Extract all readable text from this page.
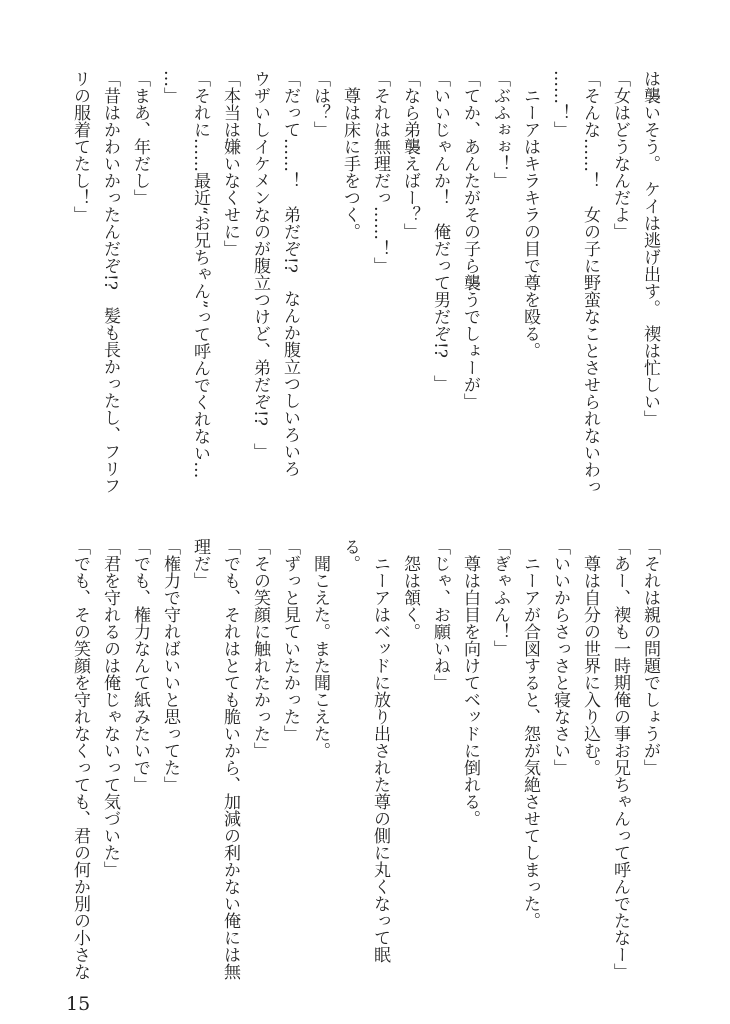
は襲いそう。　ケイは逃げ出す。　禊は忙しい」

「女はどうなんだよ」

「そんな……！　女の子に野蛮なことさせられないわっ

……！」

　ニーアはキラキラの目で尊を殴る。

「ぶふぉぉ！」

「てか、あんたがその子ら襲うでしょーが」

「いいじゃんか！　俺だって男だぞ!?　」

「なら弟襲えばー？」

「それは無理だっ……！」

　尊は床に手をつく。

「は？」

「だって……！　弟だぞ!?　なんか腹立つしいろいろ

ウザいしイケメンなのが腹立つけど、弟だぞ!?　」

「本当は嫌いなくせに」

「それに……最近“お兄ちゃん”って呼んでくれない…

…」

「まあ、年だし」

「昔はかわいかったんだぞ!?　髪も長かったし、フリフ

リの服着てたし！」

「それは親の問題でしょうが」

「あー、禊も一時期俺の事お兄ちゃんって呼んでたなー」

　尊は自分の世界に入り込む。

「いいからさっさと寝なさい」

　ニーアが合図すると、怨が気絶させてしまった。

「ぎゃふん！」

　尊は白目を向けてベッドに倒れる。

「じゃ、お願いね」

　怨は頷く。

　ニーアはベッドに放り出された尊の側に丸くなって眠

る。

　聞こえた。また聞こえた。

「ずっと見ていたかった」

「その笑顔に触れたかった」

「でも、それはとても脆いから、加減の利かない俺には無

理だ」

「権力で守ればいいと思ってた」

「でも、権力なんて紙みたいで」

「君を守れるのは俺じゃないって気づいた」

「でも、その笑顔を守れなくっても、君の何か別の小さな

15
